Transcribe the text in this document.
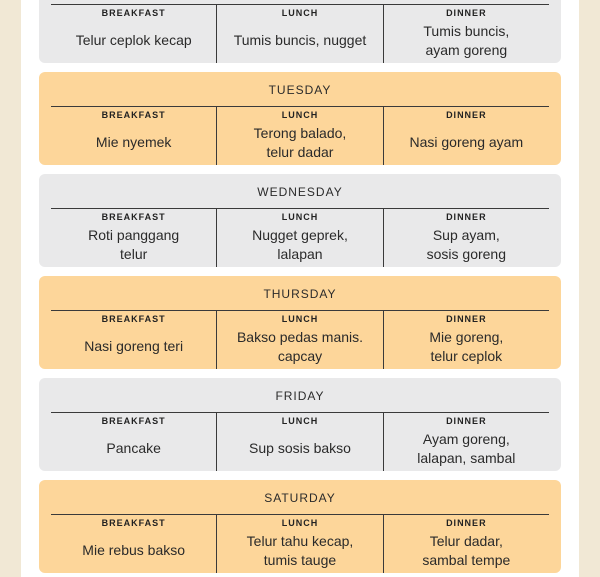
BREAKFAST
Telur ceplok kecap
LUNCH
Tumis buncis, nugget
DINNER
Tumis buncis,
ayam goreng
TUESDAY
BREAKFAST
Mie nyemek
LUNCH
Terong balado,
telur dadar
DINNER
Nasi goreng ayam
WEDNESDAY
BREAKFAST
Roti panggang
telur
LUNCH
Nugget geprek,
lalapan
DINNER
Sup ayam,
sosis goreng
THURSDAY
BREAKFAST
Nasi goreng teri
LUNCH
Bakso pedas manis.
capcay
DINNER
Mie goreng,
telur ceplok
FRIDAY
BREAKFAST
Pancake
LUNCH
Sup sosis bakso
DINNER
Ayam goreng,
lalapan, sambal
SATURDAY
BREAKFAST
Mie rebus bakso
LUNCH
Telur tahu kecap,
tumis tauge
DINNER
Telur dadar,
sambal tempe
